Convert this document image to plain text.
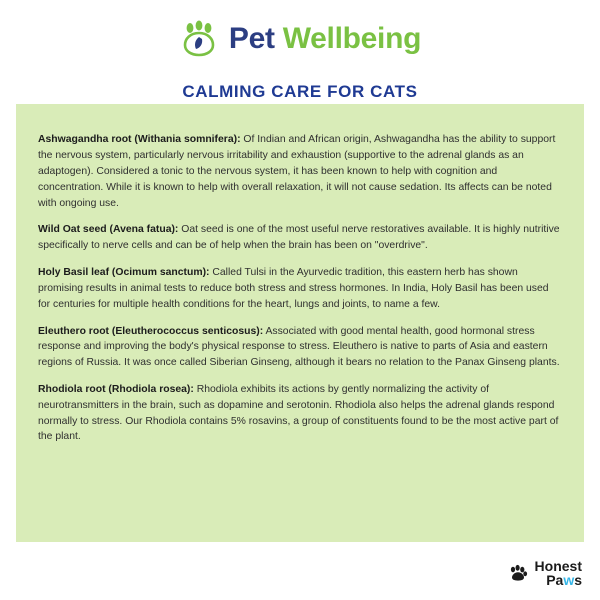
Pet Wellbeing
CALMING CARE FOR CATS

Ashwagandha root (Withania somnifera): Of Indian and African origin, Ashwagandha has the ability to support the nervous system, particularly nervous irritability and exhaustion (supportive to the adrenal glands as an adaptogen). Considered a tonic to the nervous system, it has been known to help with cognition and concentration. While it is known to help with overall relaxation, it will not cause sedation. Its affects can be noted with ongoing use.

Wild Oat seed (Avena fatua): Oat seed is one of the most useful nerve restoratives available. It is highly nutritive specifically to nerve cells and can be of help when the brain has been on "overdrive".

Holy Basil leaf (Ocimum sanctum): Called Tulsi in the Ayurvedic tradition, this eastern herb has shown promising results in animal tests to reduce both stress and stress hormones. In India, Holy Basil has been used for centuries for multiple health conditions for the heart, lungs and joints, to name a few.

Eleuthero root (Eleutherococcus senticosus): Associated with good mental health, good hormonal stress response and improving the body's physical response to stress. Eleuthero is native to parts of Asia and eastern regions of Russia. It was once called Siberian Ginseng, although it bears no relation to the Panax Ginseng plants.

Rhodiola root (Rhodiola rosea): Rhodiola exhibits its actions by gently normalizing the activity of neurotransmitters in the brain, such as dopamine and serotonin. Rhodiola also helps the adrenal glands respond normally to stress. Our Rhodiola contains 5% rosavins, a group of constituents found to be the most active part of the plant.

Honest
Paws
